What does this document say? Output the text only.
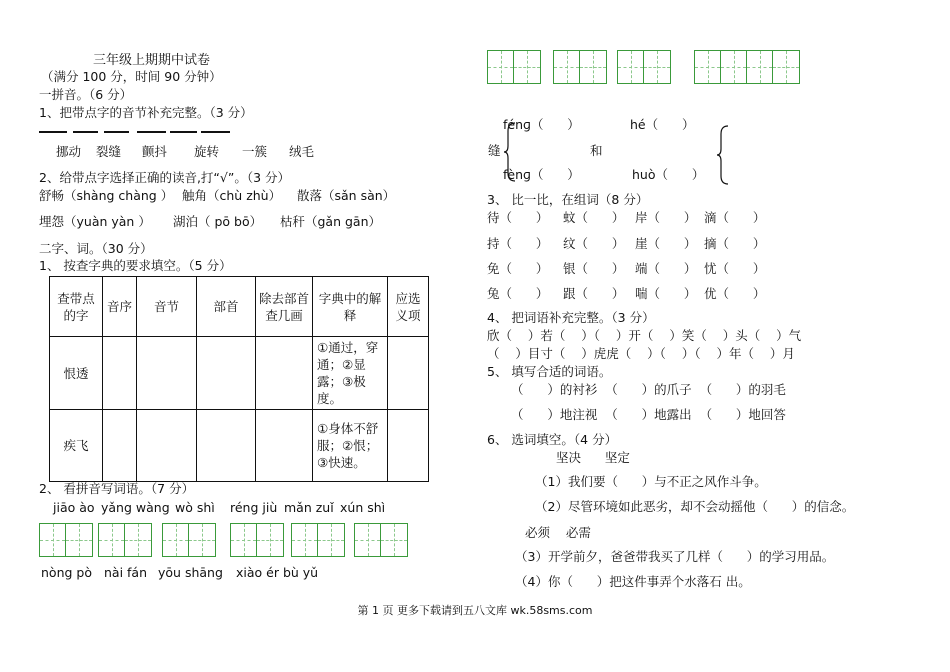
三年级上期期中试卷
（满分 100 分，时间 90 分钟）
一拼音。（6 分）
1、把带点字的音节补充完整。（3 分）
挪动 裂缝 颤抖 旋转 一簇 绒毛
2、给带点字选择正确的读音,打“√”。（3 分）
舒畅（shàng chàng ） 触角（chù zhù） 散落（sǎn sàn）
埋怨（yuàn yàn ） 湖泊（ pō bō） 枯秆（gǎn gān）
二字、词。（30 分）
1、 按查字典的要求填空。（5 分）
查带点的字	音序	音节	部首	除去部首查几画	字典中的解释	应选义项
恨透					①通过，穿通；②显露；③极度。	
疾飞					①身体不舒服；②恨；③快速。	
2、 看拼音写词语。（7 分）
jiāo ào yǎng wàng wò shì réng jiù mǎn zuǐ xún shì
nòng pò nài fán yōu shāng xiào ér bù yǔ
fénɡ（      ）	hé（      ）
缝	和
fènɡ（      ）	huò（      ）
3、 比一比，在组词（8 分）
待（      ） 蚊（      ） 岸（      ） 滴（      ）
持（      ） 纹（      ） 崖（      ） 摘（      ）
免（      ） 银（      ） 端（      ） 忧（      ）
兔（      ） 跟（      ） 喘（      ） 优（      ）
4、 把词语补充完整。（3 分）
欣（    ）若（    ）（    ）开（    ）笑（    ）头（    ）气
（    ）目寸（    ）虎虎（    ）（    ）（    ）年（    ）月
5、 填写合适的词语。
（      ）的衬衫  （      ）的爪子  （      ）的羽毛
（      ）地注视  （      ）地露出  （      ）地回答
6、 选词填空。（4 分）
坚决      坚定
（1）我们要（      ）与不正之风作斗争。
（2）尽管环境如此恶劣，却不会动摇他（      ）的信念。
必须    必需
（3）开学前夕，爸爸带我买了几样（      ）的学习用品。
（4）你（      ）把这件事弄个水落石 出。
第 1 页 更多下载请到五八文库 wk.58sms.com
